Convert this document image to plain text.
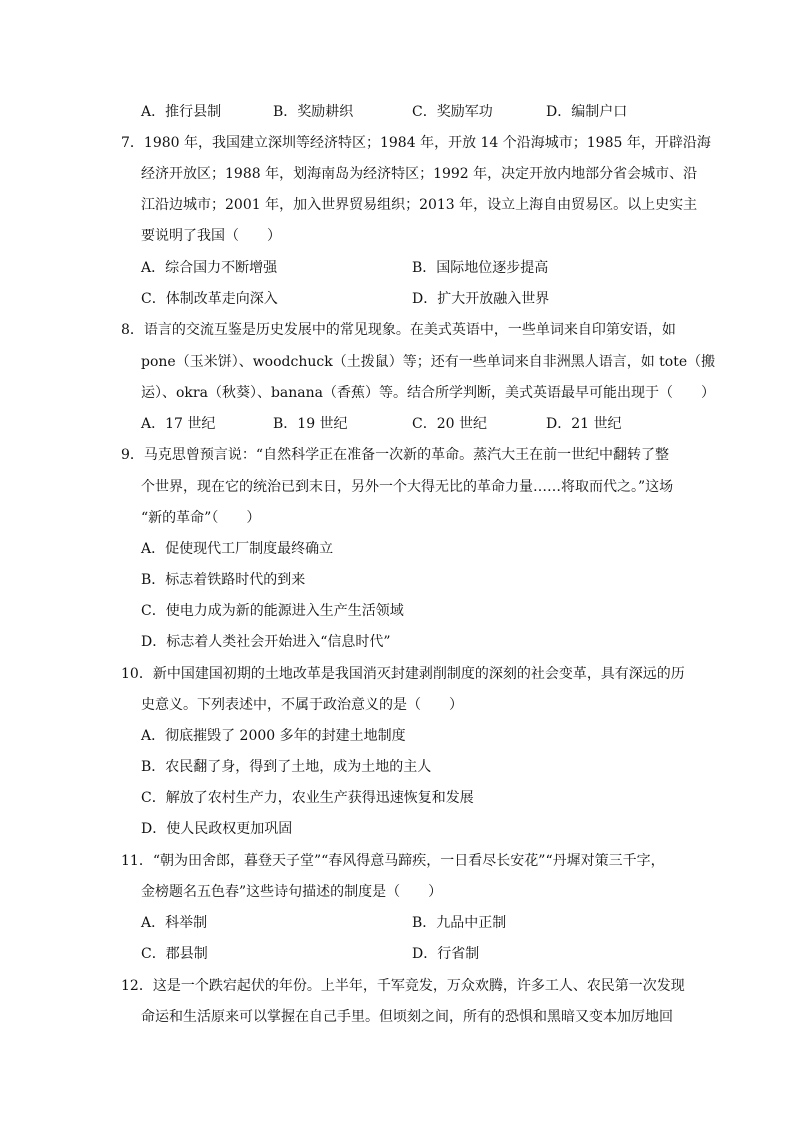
A．推行县制	B．奖励耕织	C．奖励军功	D．编制户口
7．1980 年，我国建立深圳等经济特区；1984 年，开放 14 个沿海城市；1985 年，开辟沿海
经济开放区；1988 年，划海南岛为经济特区；1992 年，决定开放内地部分省会城市、沿
江沿边城市；2001 年，加入世界贸易组织；2013 年，设立上海自由贸易区。以上史实主
要说明了我国（　　）
A．综合国力不断增强	B．国际地位逐步提高
C．体制改革走向深入	D．扩大开放融入世界
8．语言的交流互鉴是历史发展中的常见现象。在美式英语中，一些单词来自印第安语，如
pone（玉米饼）、woodchuck（土拨鼠）等；还有一些单词来自非洲黑人语言，如 tote（搬
运）、okra（秋葵）、banana（香蕉）等。结合所学判断，美式英语最早可能出现于（　　）
A．17 世纪	B．19 世纪	C．20 世纪	D．21 世纪
9．马克思曾预言说：“自然科学正在准备一次新的革命。蒸汽大王在前一世纪中翻转了整
个世界，现在它的统治已到末日，另外一个大得无比的革命力量……将取而代之。”这场
“新的革命”（　　）
A．促使现代工厂制度最终确立
B．标志着铁路时代的到来
C．使电力成为新的能源进入生产生活领域
D．标志着人类社会开始进入“信息时代”
10．新中国建国初期的土地改革是我国消灭封建剥削制度的深刻的社会变革，具有深远的历
史意义。下列表述中，不属于政治意义的是（　　）
A．彻底摧毁了 2000 多年的封建土地制度
B．农民翻了身，得到了土地，成为土地的主人
C．解放了农村生产力，农业生产获得迅速恢复和发展
D．使人民政权更加巩固
11．“朝为田舍郎，暮登天子堂”“春风得意马蹄疾，一日看尽长安花”“丹墀对策三千字，
金榜题名五色春”这些诗句描述的制度是（　　）
A．科举制	B．九品中正制
C．郡县制	D．行省制
12．这是一个跌宕起伏的年份。上半年，千军竞发，万众欢腾，许多工人、农民第一次发现
命运和生活原来可以掌握在自己手里。但顷刻之间，所有的恐惧和黑暗又变本加厉地回
